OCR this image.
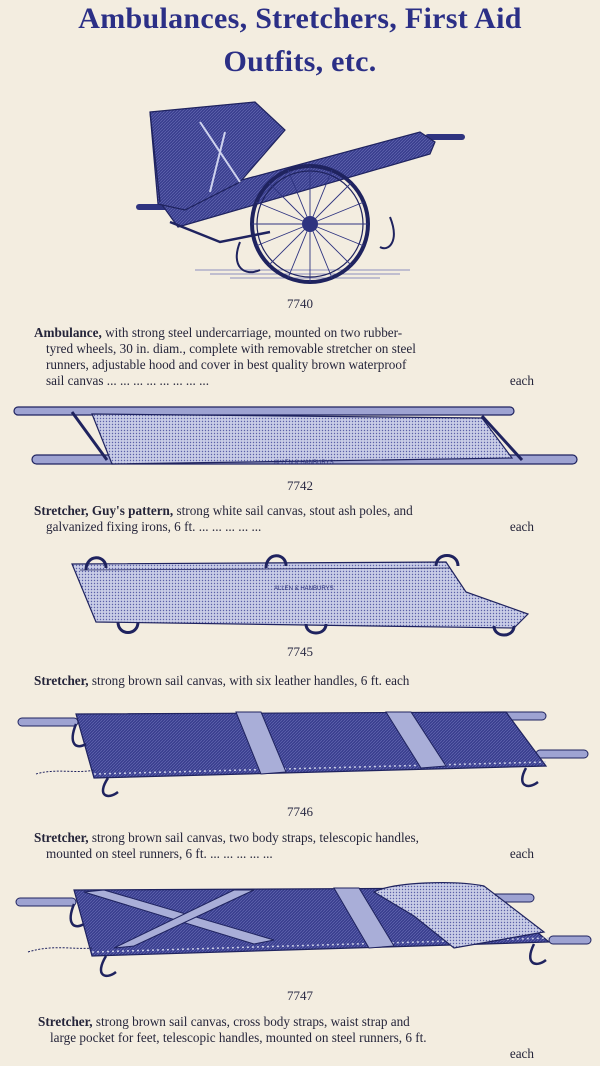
Ambulances, Stretchers, First Aid
Outfits, etc.
7740
Ambulance, with strong steel undercarriage, mounted on two rubber-
tyred wheels, 30 in. diam., complete with removable stretcher on steel
runners, adjustable hood and cover in best quality brown waterproof
sail canvas ... ... ... ... ... ... ... ...	each
ALLEN & HANBURYS
7742
Stretcher, Guy's pattern, strong white sail canvas, stout ash poles, and
galvanized fixing irons, 6 ft. ... ... ... ... ...	each
ALLEN & HANBURYS
7745
Stretcher, strong brown sail canvas, with six leather handles, 6 ft. each
7746
Stretcher, strong brown sail canvas, two body straps, telescopic handles,
mounted on steel runners, 6 ft. ... ... ... ... ...	each
7747
Stretcher, strong brown sail canvas, cross body straps, waist strap and
large pocket for feet, telescopic handles, mounted on steel runners, 6 ft.
each
